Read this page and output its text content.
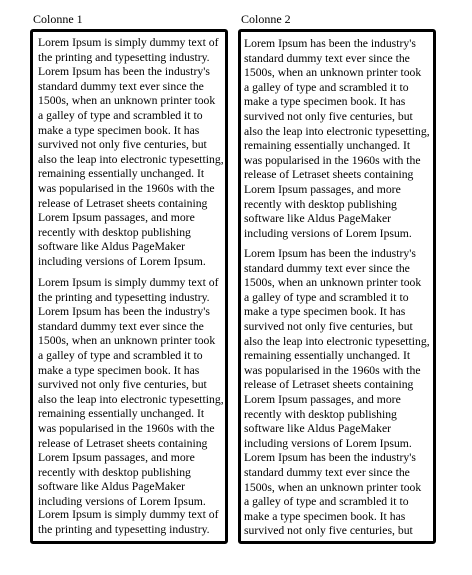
Colonne 1	Colonne 2

Lorem Ipsum is simply dummy text of
the printing and typesetting industry.
Lorem Ipsum has been the industry's
standard dummy text ever since the
1500s, when an unknown printer took
a galley of type and scrambled it to
make a type specimen book. It has
survived not only five centuries, but
also the leap into electronic typesetting,
remaining essentially unchanged. It
was popularised in the 1960s with the
release of Letraset sheets containing
Lorem Ipsum passages, and more
recently with desktop publishing
software like Aldus PageMaker
including versions of Lorem Ipsum.

Lorem Ipsum is simply dummy text of
the printing and typesetting industry.
Lorem Ipsum has been the industry's
standard dummy text ever since the
1500s, when an unknown printer took
a galley of type and scrambled it to
make a type specimen book. It has
survived not only five centuries, but
also the leap into electronic typesetting,
remaining essentially unchanged. It
was popularised in the 1960s with the
release of Letraset sheets containing
Lorem Ipsum passages, and more
recently with desktop publishing
software like Aldus PageMaker
including versions of Lorem Ipsum.

Lorem Ipsum is simply dummy text of
the printing and typesetting industry.

Lorem Ipsum has been the industry's
standard dummy text ever since the
1500s, when an unknown printer took
a galley of type and scrambled it to
make a type specimen book. It has
survived not only five centuries, but
also the leap into electronic typesetting,
remaining essentially unchanged. It
was popularised in the 1960s with the
release of Letraset sheets containing
Lorem Ipsum passages, and more
recently with desktop publishing
software like Aldus PageMaker
including versions of Lorem Ipsum.

Lorem Ipsum has been the industry's
standard dummy text ever since the
1500s, when an unknown printer took
a galley of type and scrambled it to
make a type specimen book. It has
survived not only five centuries, but
also the leap into electronic typesetting,
remaining essentially unchanged. It
was popularised in the 1960s with the
release of Letraset sheets containing
Lorem Ipsum passages, and more
recently with desktop publishing
software like Aldus PageMaker
including versions of Lorem Ipsum.
Lorem Ipsum has been the industry's
standard dummy text ever since the
1500s, when an unknown printer took
a galley of type and scrambled it to
make a type specimen book. It has
survived not only five centuries, but
